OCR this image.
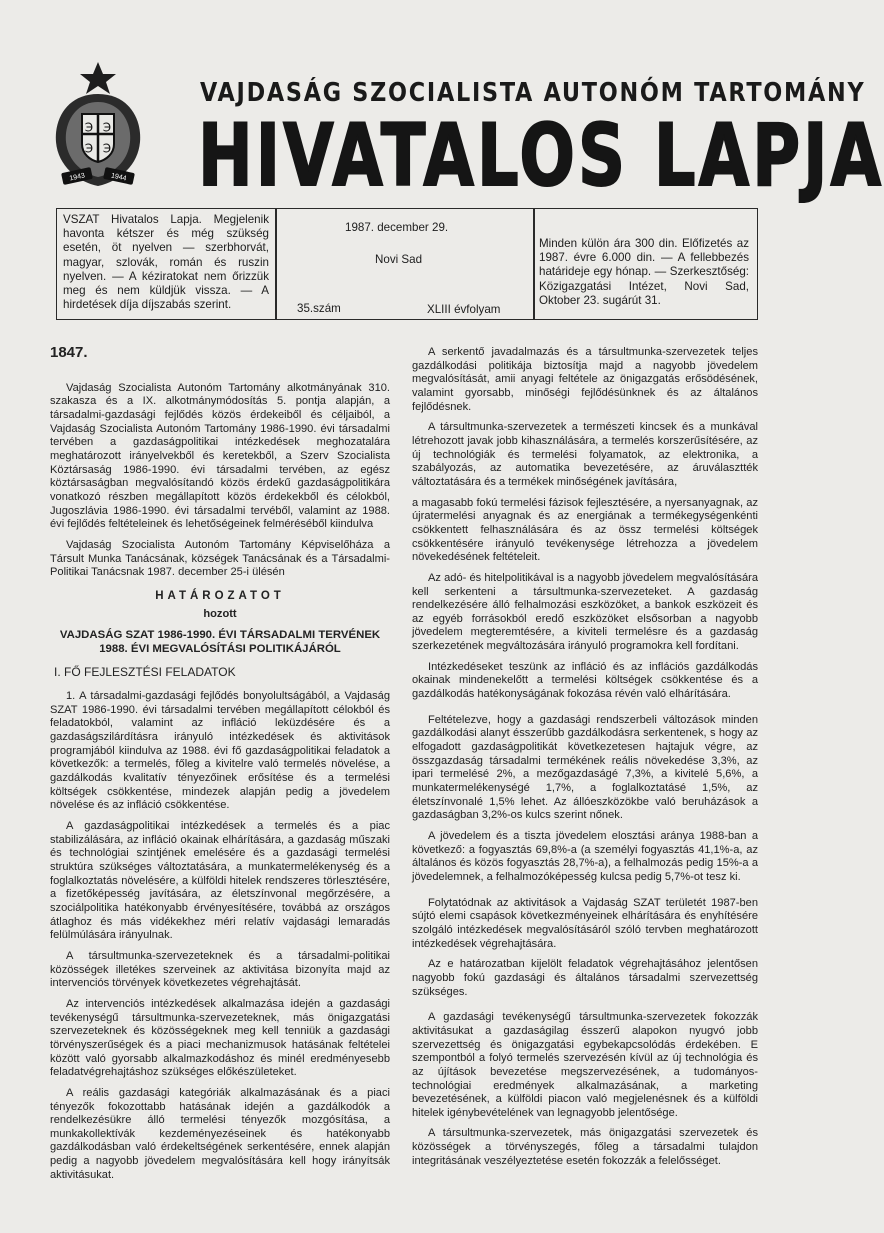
℈ ℈
℈ ℈
1943	1944
VAJDASÁG SZOCIALISTA AUTONÓM TARTOMÁNY
HIVATALOS LAPJA
VSZAT Hivatalos Lapja. Megjelenik havonta kétszer és még szükség esetén, öt nyelven — szerbhorvát, magyar, szlovák, román és ruszin nyelven. — A kéziratokat nem őrizzük meg és nem küldjük vissza. — A hirdetések díja díjszabás szerint.
1987. december 29.
Novi Sad
35.szám	XLIII évfolyam
Minden külön ára 300 din. Előfizetés az 1987. évre 6.000 din. — A fellebbezés határideje egy hónap. — Szerkesztőség: Közigazgatási Intézet, Novi Sad, Oktober 23. sugárút 31.

1847.

Vajdaság Szocialista Autonóm Tartomány alkotmányának 310. szakasza és a IX. alkotmánymódosítás 5. pontja alapján, a társadalmi-gazdasági fejlődés közös érdekeiből és céljaiból, a Vajdaság Szocialista Autonóm Tartomány 1986-1990. évi társadalmi tervében a gazdaságpolitikai intézkedések meghozatalára meghatározott irányelvekből és keretekből, a Szerv Szocialista Köztársaság 1986-1990. évi társadalmi tervében, az egész köztársaságban megvalósítandó közös érdekű gazdaságpolitikára vonatkozó részben megállapított közös érdekekből és célokból, Jugoszlávia 1986-1990. évi társadalmi tervéből, valamint az 1988. évi fejlődés feltételeinek és lehetőségeinek felméréséből kiindulva

Vajdaság Szocialista Autonóm Tartomány Képviselőháza a Társult Munka Tanácsának, községek Tanácsának és a Társadalmi-Politikai Tanácsnak 1987. december 25-i ülésén

HATÁROZATOT

hozott

VAJDASÁG SZAT 1986-1990. ÉVI TÁRSADALMI TERVÉNEK

1988. ÉVI MEGVALÓSÍTÁSI POLITIKÁJÁRÓL

I. FŐ FEJLESZTÉSI FELADATOK

1. A társadalmi-gazdasági fejlődés bonyolultságából, a Vajdaság SZAT 1986-1990. évi társadalmi tervében megállapított célokból és feladatokból, valamint az infláció leküzdésére és a gazdaságszilárdításra irányuló intézkedések és aktivitások programjából kiindulva az 1988. évi fő gazdaságpolitikai feladatok a következők: a termelés, főleg a kivitelre való termelés növelése, a gazdálkodás kvalitatív tényezőinek erősítése és a termelési költségek csökkentése, mindezek alapján pedig a jövedelem növelése és az infláció csökkentése.

A gazdaságpolitikai intézkedések a termelés és a piac stabilizálására, az infláció okainak elhárítására, a gazdaság műszaki és technológiai szintjének emelésére és a gazdasági termelési struktúra szükséges változtatására, a munkatermelékenység és a foglalkoztatás növelésére, a külföldi hitelek rendszeres törlesztésére, a fizetőképesség javítására, az életszínvonal megőrzésére, a szociálpolitika hatékonyabb érvényesítésére, továbbá az országos átlaghoz és más vidékekhez méri relatív vajdasági lemaradás felülmúlására irányulnak.

A társultmunka-szervezeteknek és a társadalmi-politikai közösségek illetékes szerveinek az aktivitása bizonyíta majd az intervenciós törvények következetes végrehajtását.

Az intervenciós intézkedések alkalmazása idején a gazdasági tevékenységű társultmunka-szervezeteknek, más önigazgatási szervezeteknek és közösségeknek meg kell tenniük a gazdasági törvényszerűségek és a piaci mechanizmusok hatásának feltételei között való gyorsabb alkalmazkodáshoz és minél eredményesebb feladatvégrehajtáshoz szükséges előkészületeket.

A reális gazdasági kategóriák alkalmazásának és a piaci tényezők fokozottabb hatásának idején a gazdálkodók a rendelkezésükre álló termelési tényezők mozgósítása, a munkakollektívák kezdeményezéseinek és hatékonyabb gazdálkodásban való érdekeltségének serkentésére, ennek alapján pedig a nagyobb jövedelem megvalósítására kell hogy irányítsák aktivitásukat.

A serkentő javadalmazás és a társultmunka-szervezetek teljes gazdálkodási politikája biztosítja majd a nagyobb jövedelem megvalósítását, amii anyagi feltétele az önigazgatás erősödésének, valamint gyorsabb, minőségi fejlődésünknek és az általános fejlődésnek.

A társultmunka-szervezetek a természeti kincsek és a munkával létrehozott javak jobb kihasználására, a termelés korszerűsítésére, az új technológiák és termelési folyamatok, az elektronika, a szabályozás, az automatika bevezetésére, az áruválasztték változtatására és a termékek minőségének javítására,

a magasabb fokú termelési fázisok fejlesztésére, a nyersanyagnak, az újratermelési anyagnak és az energiának a termékegységenkénti csökkentett felhasználására és az össz termelési költségek csökkentésére irányuló tevékenysége létrehozza a jövedelem növekedésének feltételeit.

Az adó- és hitelpolitikával is a nagyobb jövedelem megvalósítására kell serkenteni a társultmunka-szervezeteket. A gazdaság rendelkezésére álló felhalmozási eszközöket, a bankok eszközeit és az egyéb forrásokból eredő eszközöket elsősorban a nagyobb jövedelem megteremtésére, a kiviteli termelésre és a gazdaság szerkezetének megváltozására irányuló programokra kell fordítani.

Intézkedéseket teszünk az infláció és az inflációs gazdálkodás okainak mindenekelőtt a termelési költségek csökkentése és a gazdálkodás hatékonyságának fokozása révén való elhárítására.

Feltételezve, hogy a gazdasági rendszerbeli változások minden gazdálkodási alanyt ésszerűbb gazdálkodásra serkentenek, s hogy az elfogadott gazdaságpolitikát következetesen hajtajuk végre, az összgazdaság társadalmi termékének reális növekedése 3,3%, az ipari termelésé 2%, a mezőgazdaságé 7,3%, a kivitelé 5,6%, a munkatermelékenységé 1,7%, a foglalkoztatásé 1,5%, az életszínvonalé 1,5% lehet. Az állóeszközökbe való beruházások a gazdaságban 3,2%-os kulcs szerint nőnek.

A jövedelem és a tiszta jövedelem elosztási aránya 1988-ban a következő: a fogyasztás 69,8%-a (a személyi fogyasztás 41,1%-a, az általános és közös fogyasztás 28,7%-a), a felhalmozás pedig 15%-a a jövedelemnek, a felhalmozóképesség kulcsa pedig 5,7%-ot tesz ki.

Folytatódnak az aktivitások a Vajdaság SZAT területét 1987-ben sújtó elemi csapások következményeinek elhárítására és enyhítésére szolgáló intézkedések megvalósításáról szóló tervben meghatározott intézkedések végrehajtására.

Az e határozatban kijelölt feladatok végrehajtásához jelentősen nagyobb fokú gazdasági és általános társadalmi szervezettség szükséges.

A gazdasági tevékenységű társultmunka-szervezetek fokozzák aktivitásukat a gazdaságilag ésszerű alapokon nyugvó jobb szervezettség és önigazgatási egybekapcsolódás érdekében. E szempontból a folyó termelés szervezésén kívül az új technológia és az újítások bevezetése megszervezésének, a tudományos-technológiai eredmények alkalmazásának, a marketing bevezetésének, a külföldi piacon való megjelenésnek és a külföldi hitelek igénybevételének van legnagyobb jelentősége.

A társultmunka-szervezetek, más önigazgatási szervezetek és közösségek a törvényszegés, főleg a társadalmi tulajdon integritásának veszélyeztetése esetén fokozzák a felelősséget.
